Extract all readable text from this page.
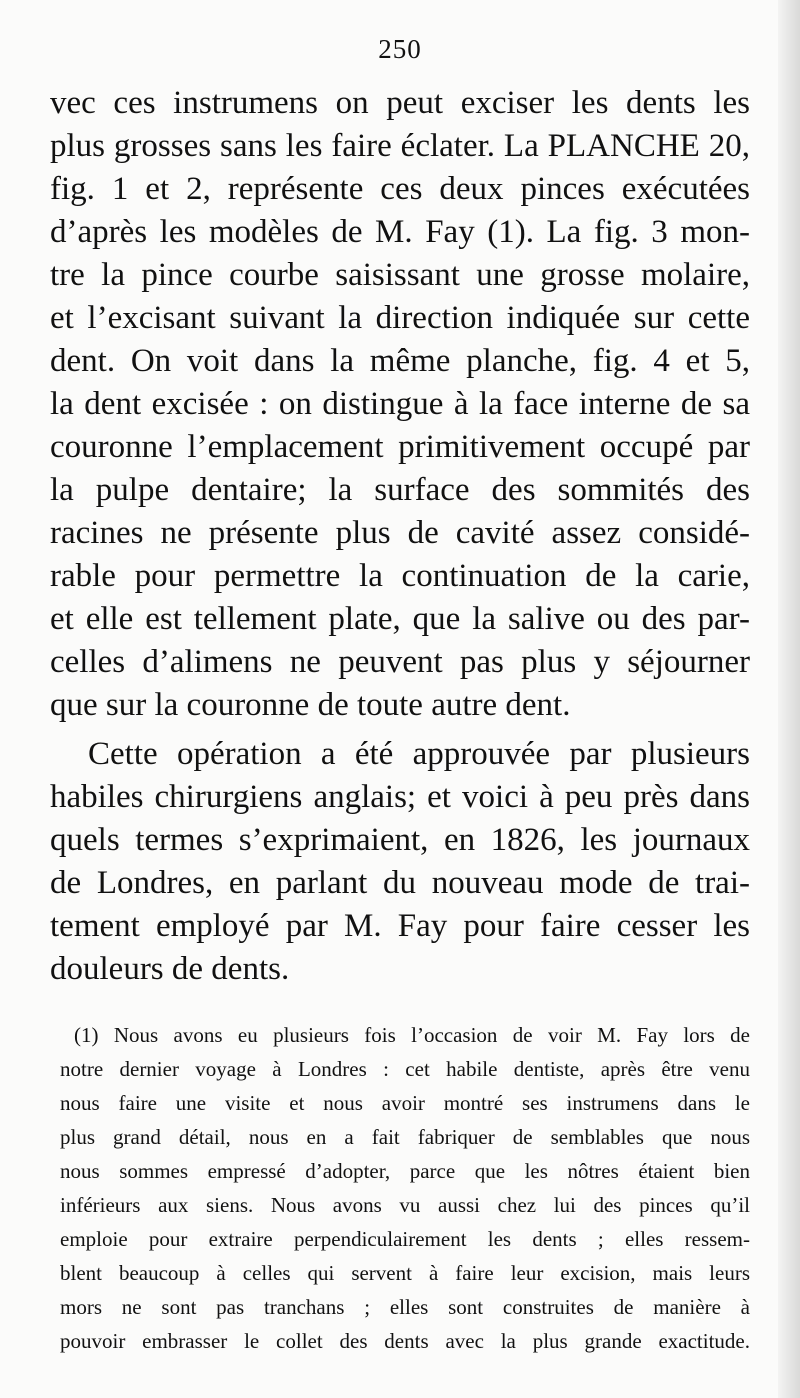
250
vec ces instrumens on peut exciser les dents les
plus grosses sans les faire éclater. La PLANCHE 20,
fig. 1 et 2, représente ces deux pinces exécutées
d’après les modèles de M. Fay (1). La fig. 3 mon-
tre la pince courbe saisissant une grosse molaire,
et l’excisant suivant la direction indiquée sur cette
dent. On voit dans la même planche, fig. 4 et 5,
la dent excisée : on distingue à la face interne de sa
couronne l’emplacement primitivement occupé par
la pulpe dentaire; la surface des sommités des
racines ne présente plus de cavité assez considé-
rable pour permettre la continuation de la carie,
et elle est tellement plate, que la salive ou des par-
celles d’alimens ne peuvent pas plus y séjourner
que sur la couronne de toute autre dent.
Cette opération a été approuvée par plusieurs
habiles chirurgiens anglais; et voici à peu près dans
quels termes s’exprimaient, en 1826, les journaux
de Londres, en parlant du nouveau mode de trai-
tement employé par M. Fay pour faire cesser les
douleurs de dents.
(1) Nous avons eu plusieurs fois l’occasion de voir M. Fay lors de
notre dernier voyage à Londres : cet habile dentiste, après être venu
nous faire une visite et nous avoir montré ses instrumens dans le
plus grand détail, nous en a fait fabriquer de semblables que nous
nous sommes empressé d’adopter, parce que les nôtres étaient bien
inférieurs aux siens. Nous avons vu aussi chez lui des pinces qu’il
emploie pour extraire perpendiculairement les dents ; elles ressem-
blent beaucoup à celles qui servent à faire leur excision, mais leurs
mors ne sont pas tranchans ; elles sont construites de manière à
pouvoir embrasser le collet des dents avec la plus grande exactitude.
